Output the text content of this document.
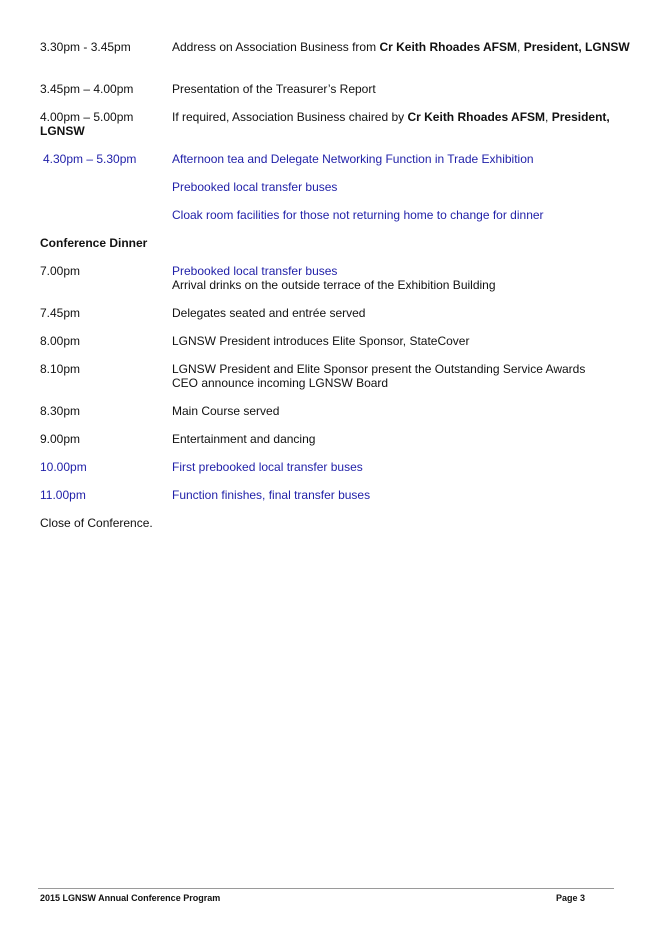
3.30pm - 3.45pm	Address on Association Business from Cr Keith Rhoades AFSM, President, LGNSW
3.45pm – 4.00pm	Presentation of the Treasurer’s Report
4.00pm – 5.00pm	If required, Association Business chaired by Cr Keith Rhoades AFSM, President,
LGNSW
4.30pm – 5.30pm	Afternoon tea and Delegate Networking Function in Trade Exhibition
Prebooked local transfer buses
Cloak room facilities for those not returning home to change for dinner
Conference Dinner
7.00pm	Prebooked local transfer buses
Arrival drinks on the outside terrace of the Exhibition Building
7.45pm	Delegates seated and entrée served
8.00pm	LGNSW President introduces Elite Sponsor, StateCover
8.10pm	LGNSW President and Elite Sponsor present the Outstanding Service Awards
CEO announce incoming LGNSW Board
8.30pm	Main Course served
9.00pm	Entertainment and dancing
10.00pm	First prebooked local transfer buses
11.00pm	Function finishes, final transfer buses
Close of Conference.
2015 LGNSW Annual Conference Program	Page 3
